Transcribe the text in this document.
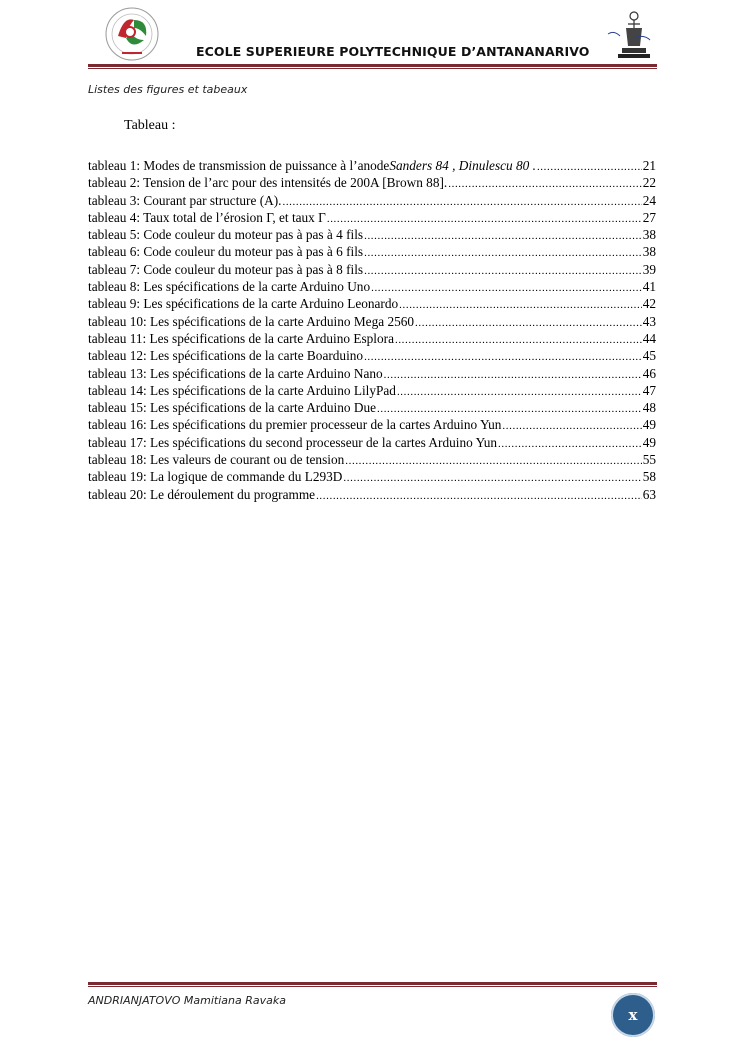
ECOLE SUPERIEURE POLYTECHNIQUE D’ANTANANARIVO
Listes des figures et tabeaux
Tableau :
tableau 1: Modes de transmission de puissance à l’anode Sanders 84 , Dinulescu 80 . .....	21
tableau 2: Tension de l’arc pour des intensités de 200A [Brown 88]. .....	22
tableau 3: Courant par structure (A). .....	24
tableau 4: Taux total de l’érosion Γ, et taux Γ .....	27
tableau 5: Code couleur du moteur pas à pas à 4 fils .....	38
tableau 6: Code couleur du moteur pas à pas à 6 fils .....	38
tableau 7: Code couleur du moteur pas à pas à 8 fils .....	39
tableau 8: Les spécifications de la carte Arduino Uno .....	41
tableau 9: Les spécifications de la carte Arduino Leonardo .....	42
tableau 10: Les spécifications de la carte Arduino Mega 2560 .....	43
tableau 11: Les spécifications de la carte Arduino Esplora .....	44
tableau 12: Les spécifications de la carte Boarduino .....	45
tableau 13: Les spécifications de la carte Arduino Nano .....	46
tableau 14: Les spécifications de la carte Arduino LilyPad .....	47
tableau 15: Les spécifications de la carte Arduino Due .....	48
tableau 16: Les spécifications du premier processeur de la cartes Arduino Yun .....	49
tableau 17: Les spécifications du second processeur de la cartes Arduino Yun .....	49
tableau 18: Les valeurs de courant ou de tension .....	55
tableau 19: La logique de commande du L293D .....	58
tableau 20: Le déroulement du programme .....	63
ANDRIANJATOVO Mamitiana Ravaka
x
